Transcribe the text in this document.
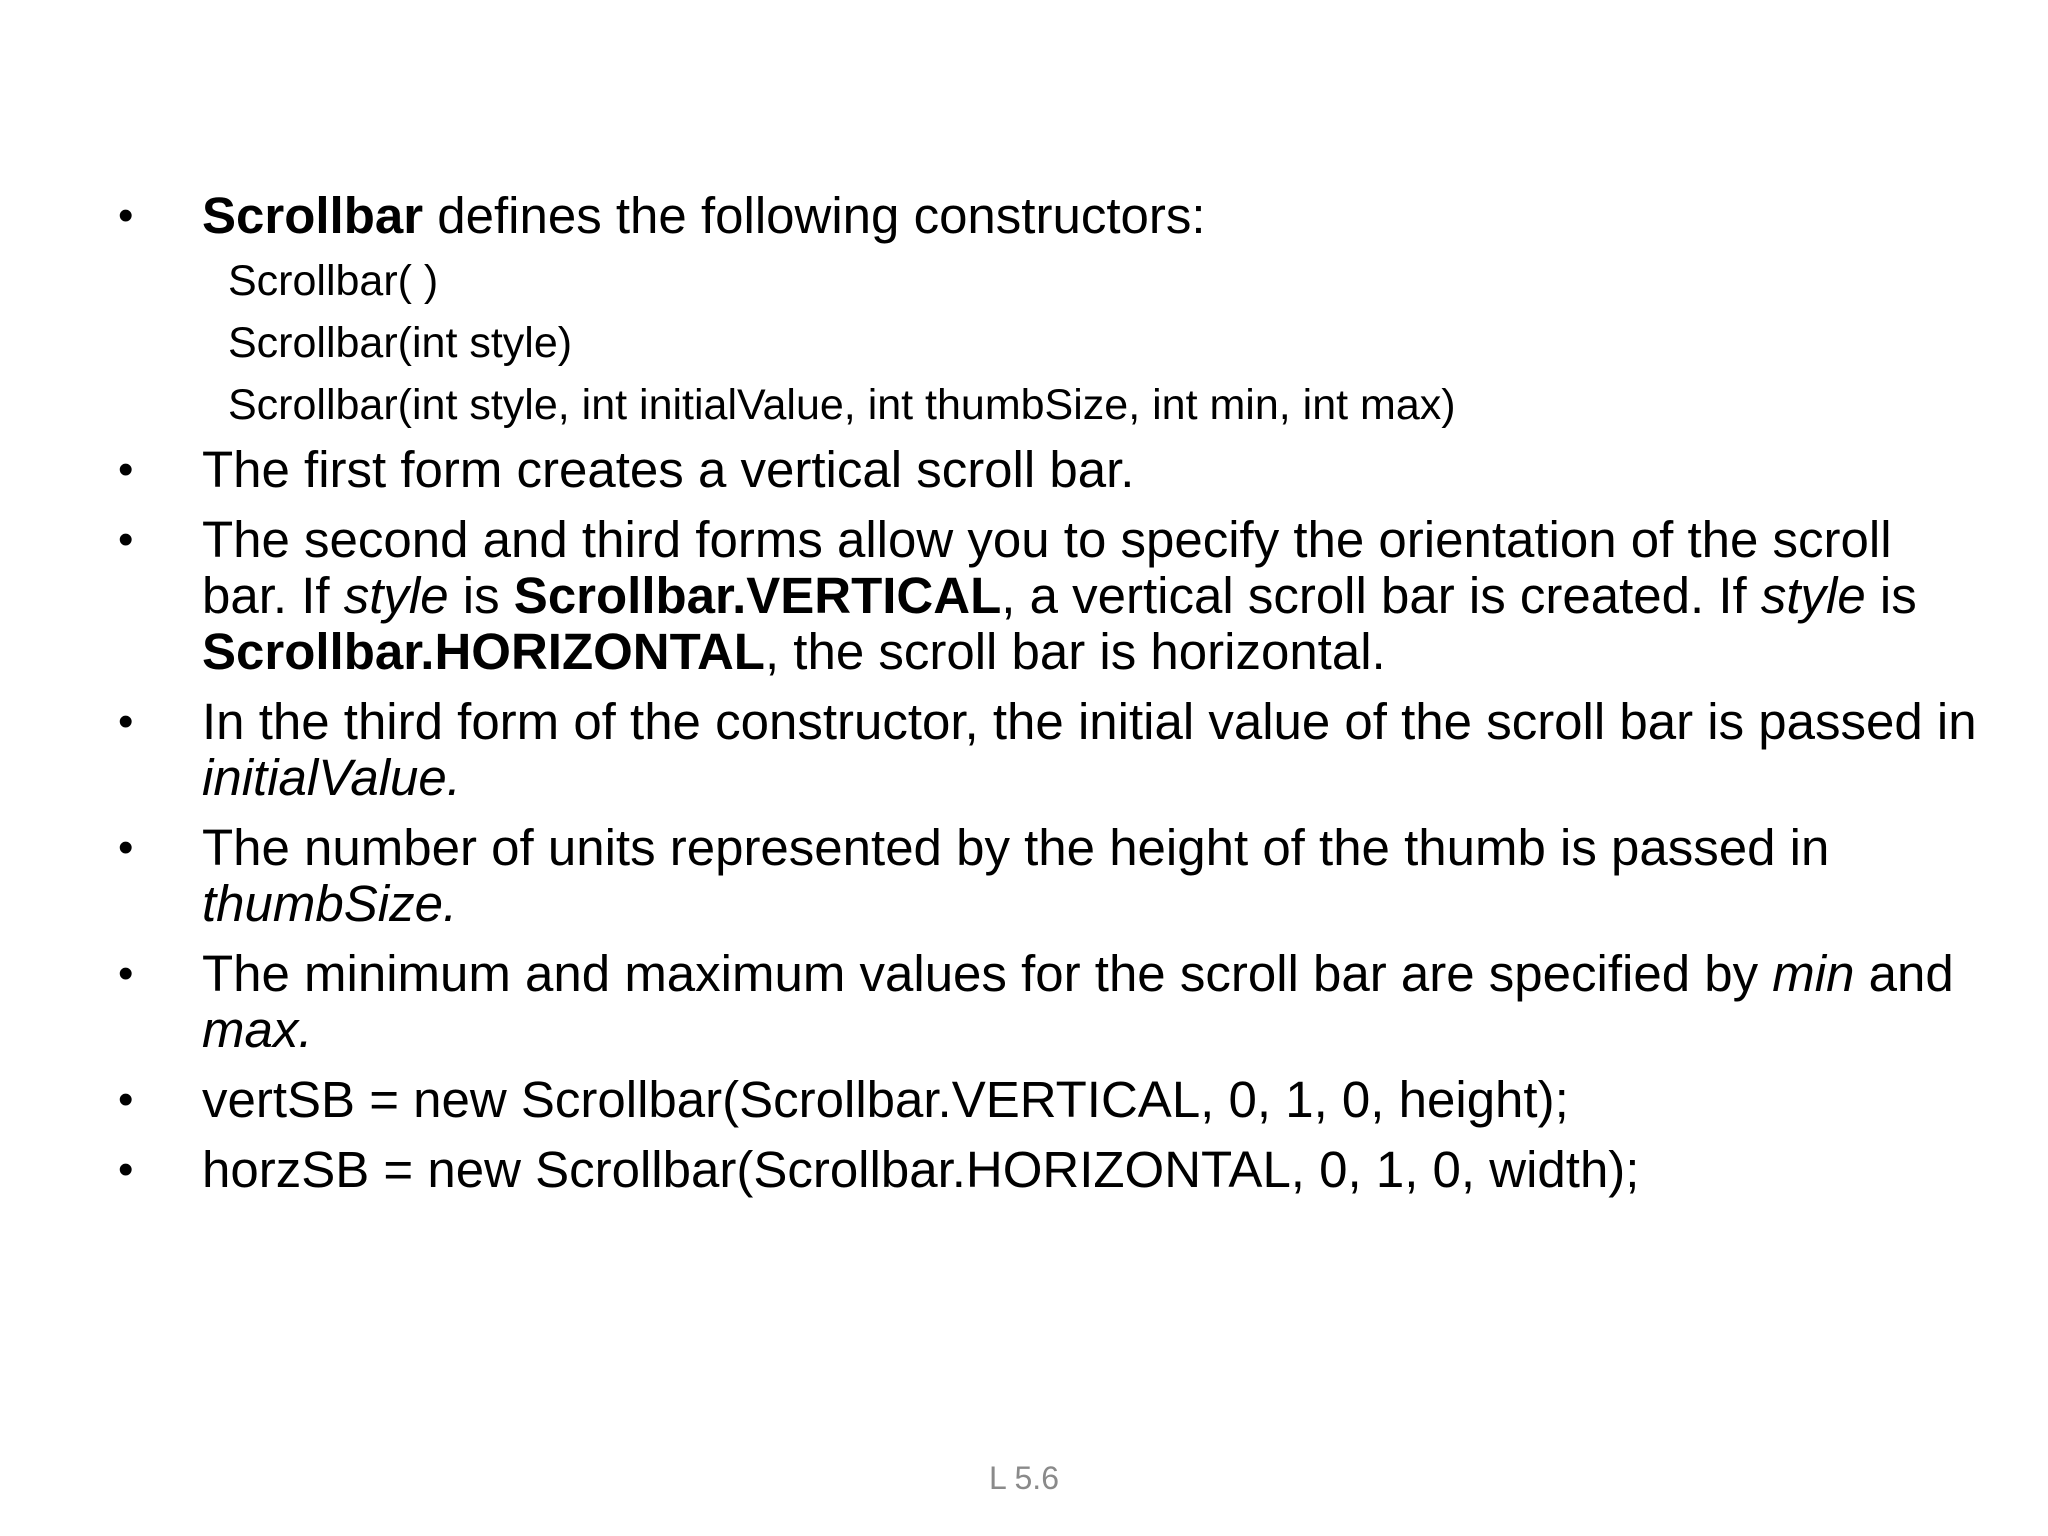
• Scrollbar defines the following constructors:
Scrollbar( )
Scrollbar(int style)
Scrollbar(int style, int initialValue, int thumbSize, int min, int max)
• The first form creates a vertical scroll bar.
• The second and third forms allow you to specify the orientation of the scroll bar. If style is Scrollbar.VERTICAL, a vertical scroll bar is created. If style is Scrollbar.HORIZONTAL, the scroll bar is horizontal.
• In the third form of the constructor, the initial value of the scroll bar is passed in initialValue.
• The number of units represented by the height of the thumb is passed in thumbSize.
• The minimum and maximum values for the scroll bar are specified by min and max.
• vertSB = new Scrollbar(Scrollbar.VERTICAL, 0, 1, 0, height);
• horzSB = new Scrollbar(Scrollbar.HORIZONTAL, 0, 1, 0, width);
L 5.6
